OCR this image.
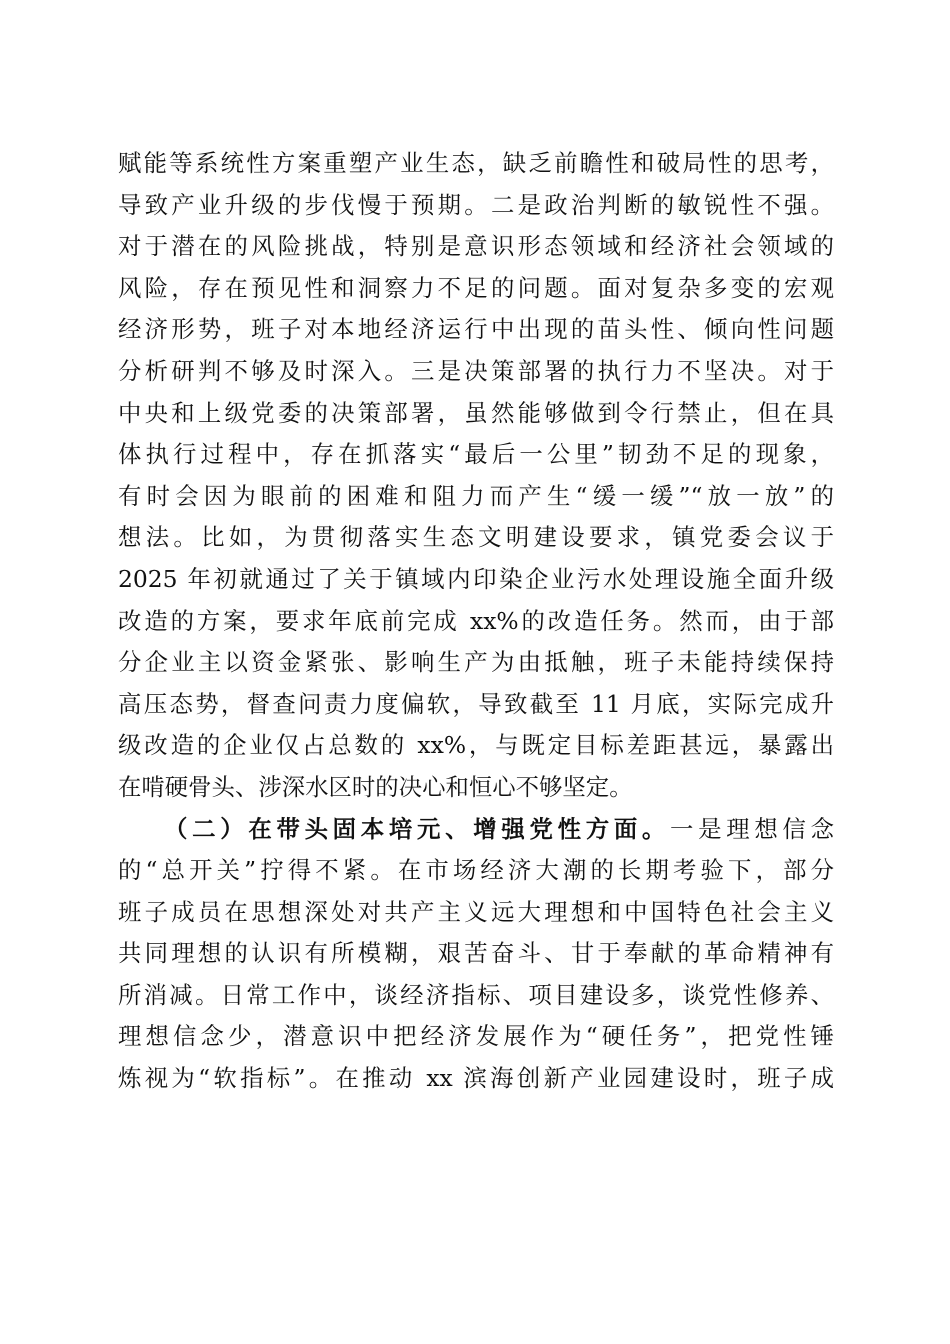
赋能等系统性方案重塑产业生态，缺乏前瞻性和破局性的思考，
导致产业升级的步伐慢于预期。二是政治判断的敏锐性不强。
对于潜在的风险挑战，特别是意识形态领域和经济社会领域的
风险，存在预见性和洞察力不足的问题。面对复杂多变的宏观
经济形势，班子对本地经济运行中出现的苗头性、倾向性问题
分析研判不够及时深入。三是决策部署的执行力不坚决。对于
中央和上级党委的决策部署，虽然能够做到令行禁止，但在具
体执行过程中，存在抓落实“最后一公里”韧劲不足的现象，
有时会因为眼前的困难和阻力而产生“缓一缓”“放一放”的
想法。比如，为贯彻落实生态文明建设要求，镇党委会议于
2025 年初就通过了关于镇域内印染企业污水处理设施全面升级
改造的方案，要求年底前完成 xx%的改造任务。然而，由于部
分企业主以资金紧张、影响生产为由抵触，班子未能持续保持
高压态势，督查问责力度偏软，导致截至 11 月底，实际完成升
级改造的企业仅占总数的 xx%，与既定目标差距甚远，暴露出
在啃硬骨头、涉深水区时的决心和恒心不够坚定。
（二）在带头固本培元、增强党性方面。一是理想信念
的“总开关”拧得不紧。在市场经济大潮的长期考验下，部分
班子成员在思想深处对共产主义远大理想和中国特色社会主义
共同理想的认识有所模糊，艰苦奋斗、甘于奉献的革命精神有
所消减。日常工作中，谈经济指标、项目建设多，谈党性修养、
理想信念少，潜意识中把经济发展作为“硬任务”，把党性锤
炼视为“软指标”。在推动 xx 滨海创新产业园建设时，班子成
